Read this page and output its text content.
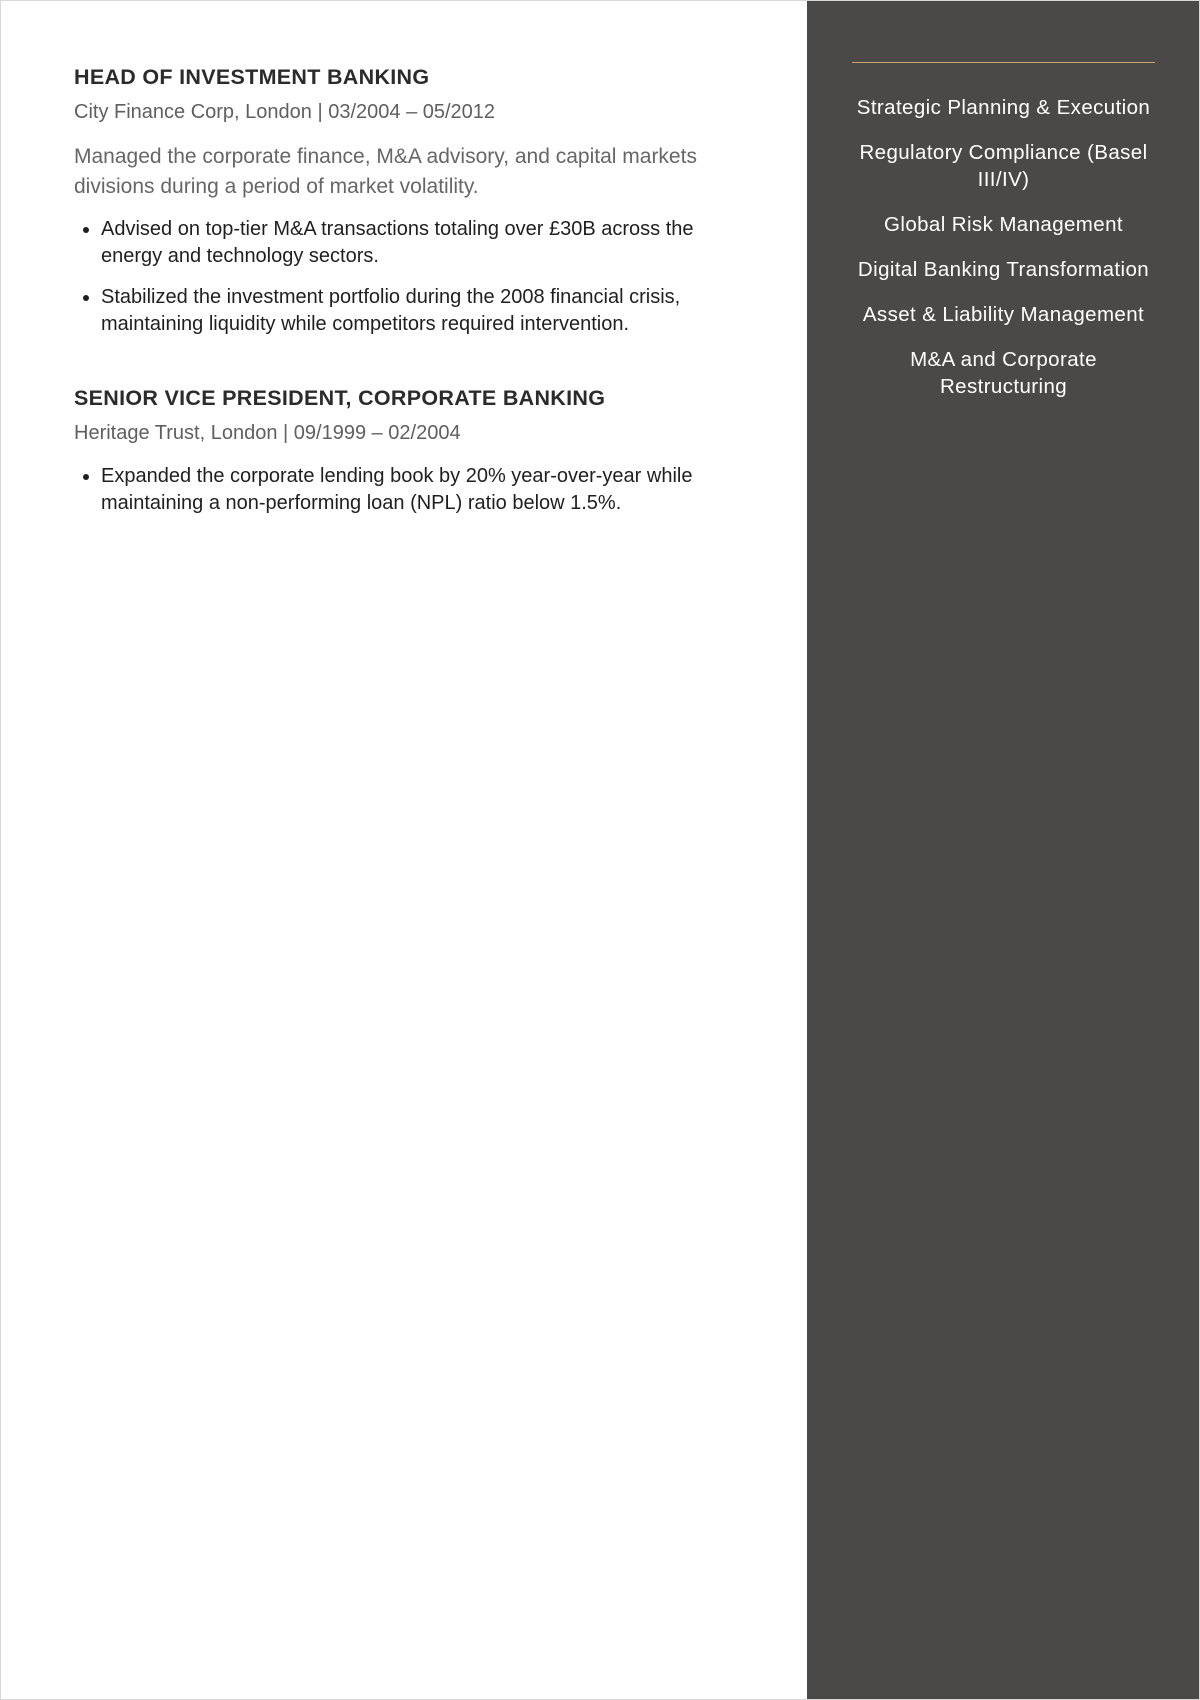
HEAD OF INVESTMENT BANKING

City Finance Corp, London | 03/2004 – 05/2012

Managed the corporate finance, M&A advisory, and capital markets divisions during a period of market volatility.

• Advised on top-tier M&A transactions totaling over £30B across the energy and technology sectors.
• Stabilized the investment portfolio during the 2008 financial crisis, maintaining liquidity while competitors required intervention.
SENIOR VICE PRESIDENT, CORPORATE BANKING

Heritage Trust, London | 09/1999 – 02/2004

• Expanded the corporate lending book by 20% year-over-year while maintaining a non-performing loan (NPL) ratio below 1.5%.
Strategic Planning & Execution
Regulatory Compliance (Basel III/IV)
Global Risk Management
Digital Banking Transformation
Asset & Liability Management
M&A and Corporate Restructuring
